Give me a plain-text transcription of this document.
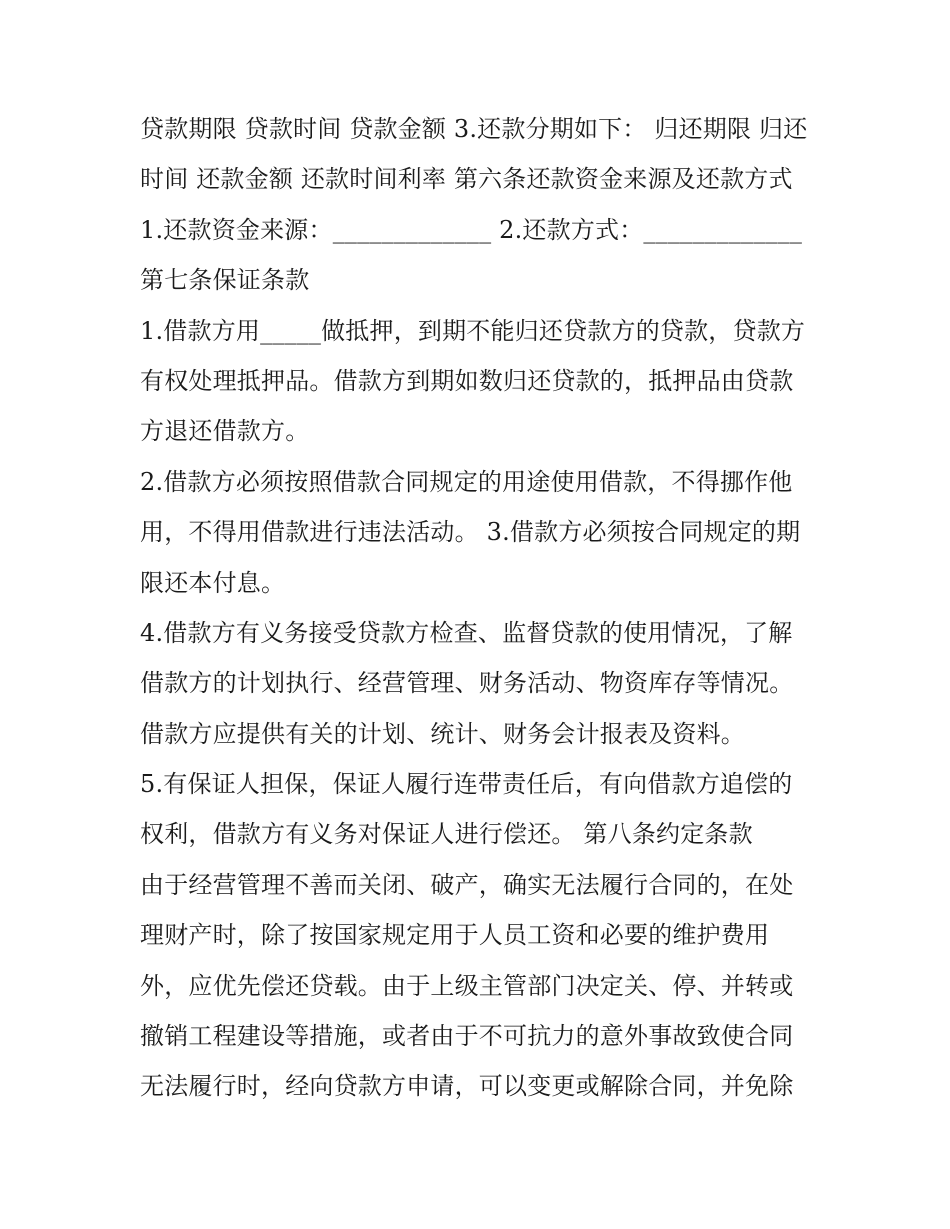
贷款期限 贷款时间 贷款金额 3.还款分期如下： 归还期限 归还
时间 还款金额 还款时间利率 第六条还款资金来源及还款方式
1.还款资金来源：_____________ 2.还款方式：_____________
第七条保证条款
1.借款方用_____做抵押，到期不能归还贷款方的贷款，贷款方
有权处理抵押品。借款方到期如数归还贷款的，抵押品由贷款
方退还借款方。
2.借款方必须按照借款合同规定的用途使用借款，不得挪作他
用，不得用借款进行违法活动。 3.借款方必须按合同规定的期
限还本付息。
4.借款方有义务接受贷款方检查、监督贷款的使用情况，了解
借款方的计划执行、经营管理、财务活动、物资库存等情况。
借款方应提供有关的计划、统计、财务会计报表及资料。
5.有保证人担保，保证人履行连带责任后，有向借款方追偿的
权利，借款方有义务对保证人进行偿还。 第八条约定条款
由于经营管理不善而关闭、破产，确实无法履行合同的，在处
理财产时，除了按国家规定用于人员工资和必要的维护费用
外，应优先偿还贷载。由于上级主管部门决定关、停、并转或
撤销工程建设等措施，或者由于不可抗力的意外事故致使合同
无法履行时，经向贷款方申请，可以变更或解除合同，并免除
